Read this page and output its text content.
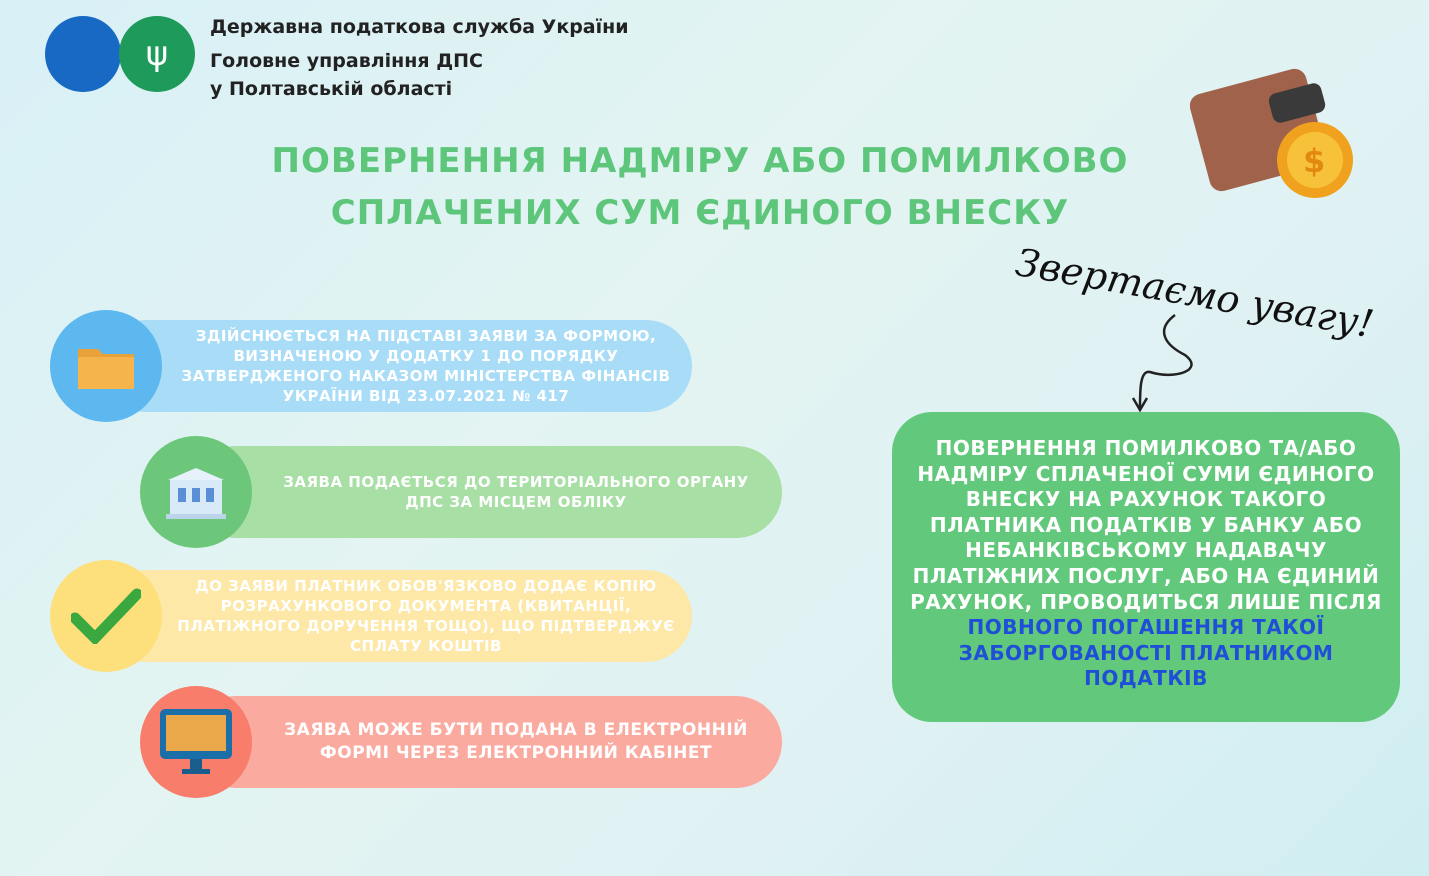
ψ
Державна податкова служба України
Головне управління ДПС
у Полтавській області
ПОВЕРНЕННЯ НАДМІРУ АБО ПОМИЛКОВО
СПЛАЧЕНИХ СУМ ЄДИНОГО ВНЕСКУ
$
Звертаємо увагу!
ЗДІЙСНЮЄТЬСЯ НА ПІДСТАВІ ЗАЯВИ ЗА ФОРМОЮ, ВИЗНАЧЕНОЮ У ДОДАТКУ 1 ДО ПОРЯДКУ ЗАТВЕРДЖЕНОГО НАКАЗОМ МІНІСТЕРСТВА ФІНАНСІВ УКРАЇНИ ВІД 23.07.2021 № 417
ЗАЯВА ПОДАЄТЬСЯ ДО ТЕРИТОРІАЛЬНОГО ОРГАНУ ДПС ЗА МІСЦЕМ ОБЛІКУ
ДО ЗАЯВИ ПЛАТНИК ОБОВ'ЯЗКОВО ДОДАЄ КОПІЮ РОЗРАХУНКОВОГО ДОКУМЕНТА (КВИТАНЦІЇ, ПЛАТІЖНОГО ДОРУЧЕННЯ ТОЩО), ЩО ПІДТВЕРДЖУЄ СПЛАТУ КОШТІВ
ЗАЯВА МОЖЕ БУТИ ПОДАНА В ЕЛЕКТРОННІЙ ФОРМІ ЧЕРЕЗ ЕЛЕКТРОННИЙ КАБІНЕТ
ПОВЕРНЕННЯ ПОМИЛКОВО ТА/АБО НАДМІРУ СПЛАЧЕНОЇ СУМИ ЄДИНОГО ВНЕСКУ НА РАХУНОК ТАКОГО ПЛАТНИКА ПОДАТКІВ У БАНКУ АБО НЕБАНКІВСЬКОМУ НАДАВАЧУ ПЛАТІЖНИХ ПОСЛУГ, АБО НА ЄДИНИЙ РАХУНОК, ПРОВОДИТЬСЯ ЛИШЕ ПІСЛЯ ПОВНОГО ПОГАШЕННЯ ТАКОЇ ЗАБОРГОВАНОСТІ ПЛАТНИКОМ ПОДАТКІВ
